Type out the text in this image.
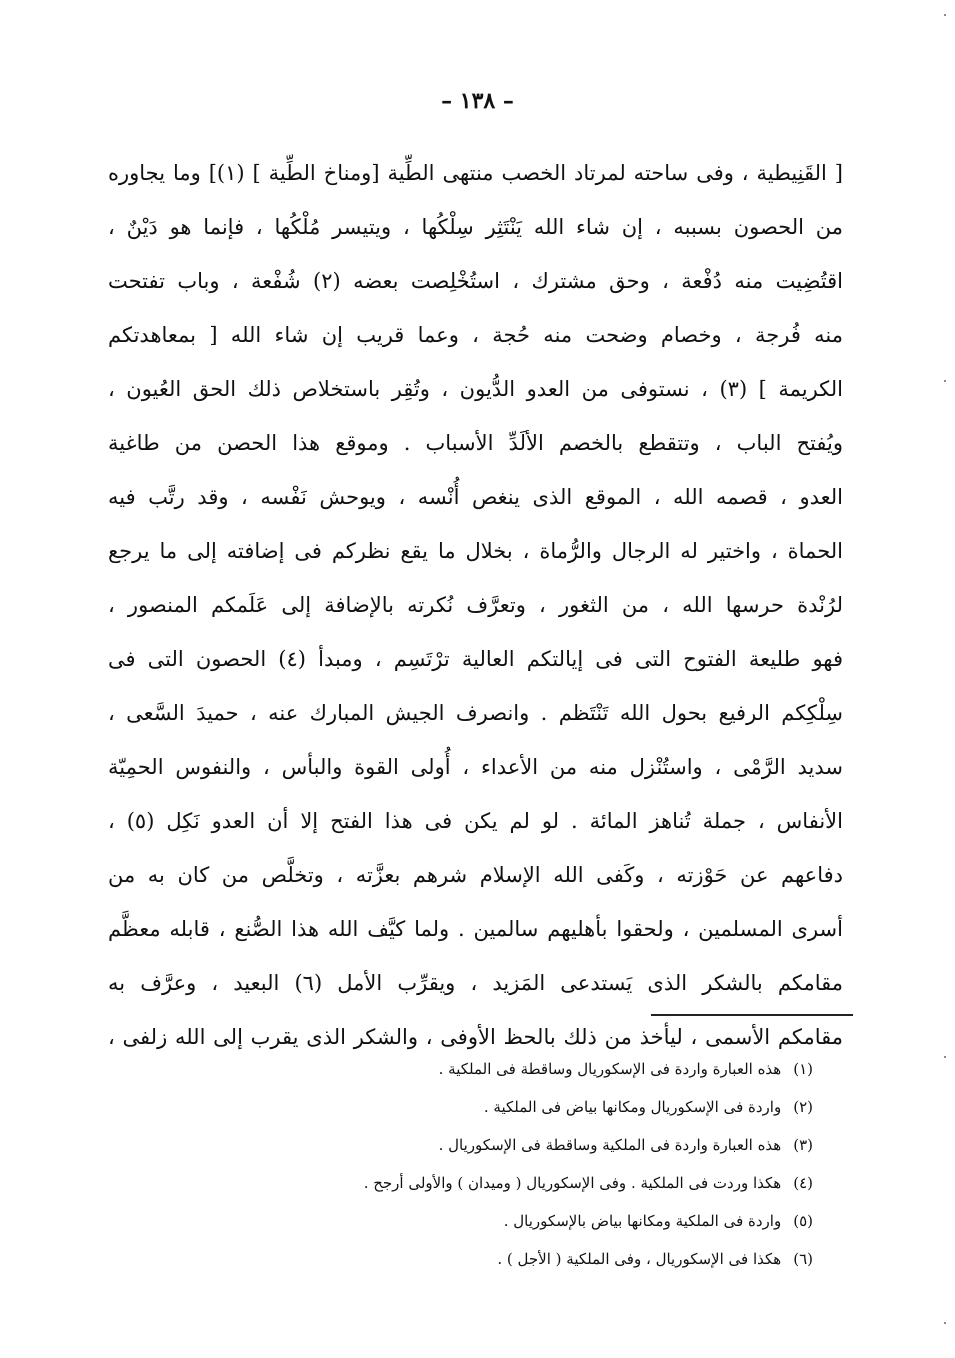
– ١٣٨ –
[ القَنِيطية ، وفى ساحته لمرتاد الخصب منتهى الطِّية [ومناخ الطِّية ] (١)] وما يجاوره
من الحصون بسببه ، إن شاء الله يَنْتَثِر سِلْكُها ، ويتيسر مُلْكُها ، فإنما هو دَيْنٌ ،
اقتُضِيت منه دُفْعة ، وحق مشترك ، استُخْلِصت بعضه (٢) شُفْعة ، وباب تفتحت
منه فُرجة ، وخصام وضحت منه حُجة ، وعما قريب إن شاء الله [ بمعاهدتكم
الكريمة ] (٣) ، نستوفى من العدو الدُّيون ، وتُقِر باستخلاص ذلك الحق العُيون ،
ويُفتح الباب ، وتتقطع بالخصم الألَدِّ الأسباب . وموقع هذا الحصن من طاغية
العدو ، قصمه الله ، الموقع الذى ينغص أُنْسه ، ويوحش نَفْسه ، وقد رتَّب فيه
الحماة ، واختير له الرجال والرُّماة ، بخلال ما يقع نظركم فى إضافته إلى ما يرجع
لرُنْدة حرسها الله ، من الثغور ، وتعرَّف نُكرته بالإضافة إلى عَلَمكم المنصور ،
فهو طليعة الفتوح التى فى إيالتكم العالية ترْتَسِم ، ومبدأ (٤) الحصون التى فى
سِلْكِكم الرفيع بحول الله تَنْتَظم . وانصرف الجيش المبارك عنه ، حميدَ السَّعى ،
سديد الرَّمْى ، واستُنْزل منه من الأعداء ، أُولى القوة والبأس ، والنفوس الحمِيّة
الأنفاس ، جملة تُناهز المائة . لو لم يكن فى هذا الفتح إلا أن العدو نَكِل (٥) ،
دفاعهم عن حَوْزته ، وكَفى الله الإسلام شرهم بعزَّته ، وتخلَّص من كان به من
أسرى المسلمين ، ولحقوا بأهليهم سالمين . ولما كيَّف الله هذا الصُّنع ، قابله معظَّم
مقامكم بالشكر الذى يَستدعى المَزيد ، ويقرِّب الأمل (٦) البعيد ، وعرَّف به
مقامكم الأسمى ، ليأخذ من ذلك بالحظ الأوفى ، والشكر الذى يقرب إلى الله زلفى ،
(١)هذه العبارة واردة فى الإسكوريال وساقطة فى الملكية .
(٢)واردة فى الإسكوريال ومكانها بياض فى الملكية .
(٣)هذه العبارة واردة فى الملكية وساقطة فى الإسكوريال .
(٤)هكذا وردت فى الملكية . وفى الإسكوريال ( وميدان ) والأولى أرجح .
(٥)واردة فى الملكية ومكانها بياض بالإسكوريال .
(٦)هكذا فى الإسكوريال ، وفى الملكية ( الأجل ) .
